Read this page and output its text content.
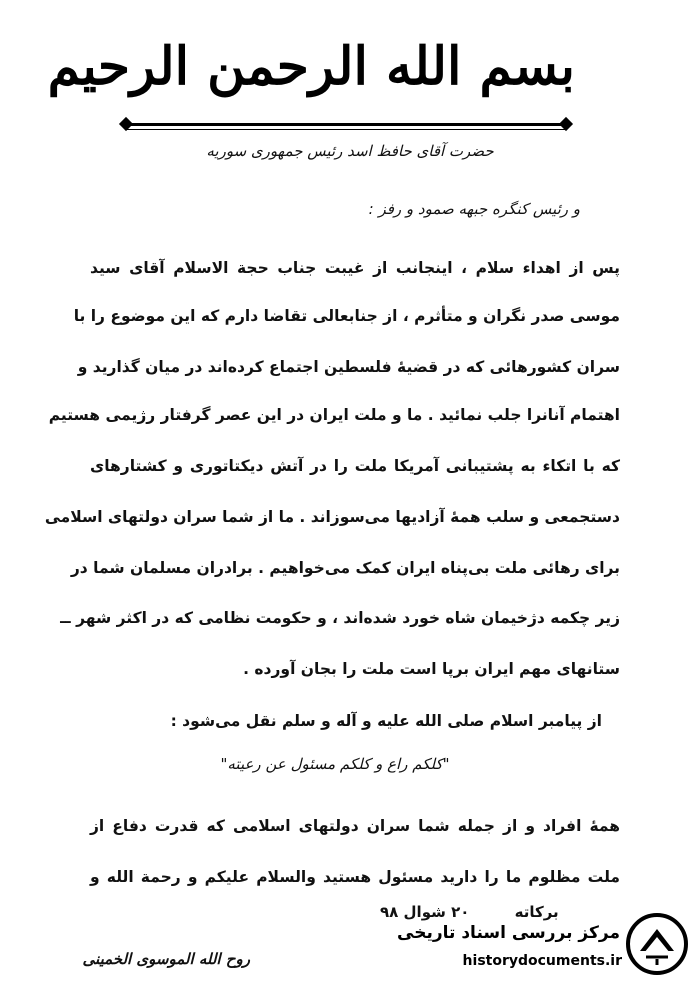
بسم الله الرحمن الرحيم
حضرت آقای حافظ اسد رئیس جمهوری سوریه
و رئیس کنگره جبهه صمود و رفز :
پس از اهداء سلام ، اینجانب از غیبت جناب حجة الاسلام آقای سید
موسی صدر نگران و متأثرم ، از جنابعالی تقاضا دارم که این موضوع را با
سران کشورهائی که در قضیهٔ فلسطین اجتماع کرده‌اند در میان گذارید و
اهتمام آنانرا جلب نمائید . ما و ملت ایران در این عصر گرفتار رژیمی هستیم
که با اتکاء به پشتیبانی آمریکا ملت را در آتش دیکتاتوری و کشتارهای
دستجمعی و سلب همهٔ آزادیها می‌سوزاند . ما از شما سران دولتهای اسلامی
برای رهائی ملت بی‌پناه ایران کمک می‌خواهیم . برادران مسلمان شما در
زیر چکمه دژخیمان شاه خورد شده‌اند ، و حکومت نظامی که در اکثر شهر ــ
ستانهای مهم ایران برپا است ملت را بجان آورده .
از پیامبر اسلام صلی الله علیه و آله و سلم نقل می‌شود :
"کلکم راع و کلکم مسئول عن رعیته"
همهٔ افراد و از جمله شما سران دولتهای اسلامی که قدرت دفاع از
ملت مظلوم ما را دارید مسئول هستید والسلام علیکم و رحمة الله و
برکاته ۲۰ شوال ۹۸
روح الله الموسوی الخمینی
مرکز بررسی اسناد تاریخی
historydocuments.ir
